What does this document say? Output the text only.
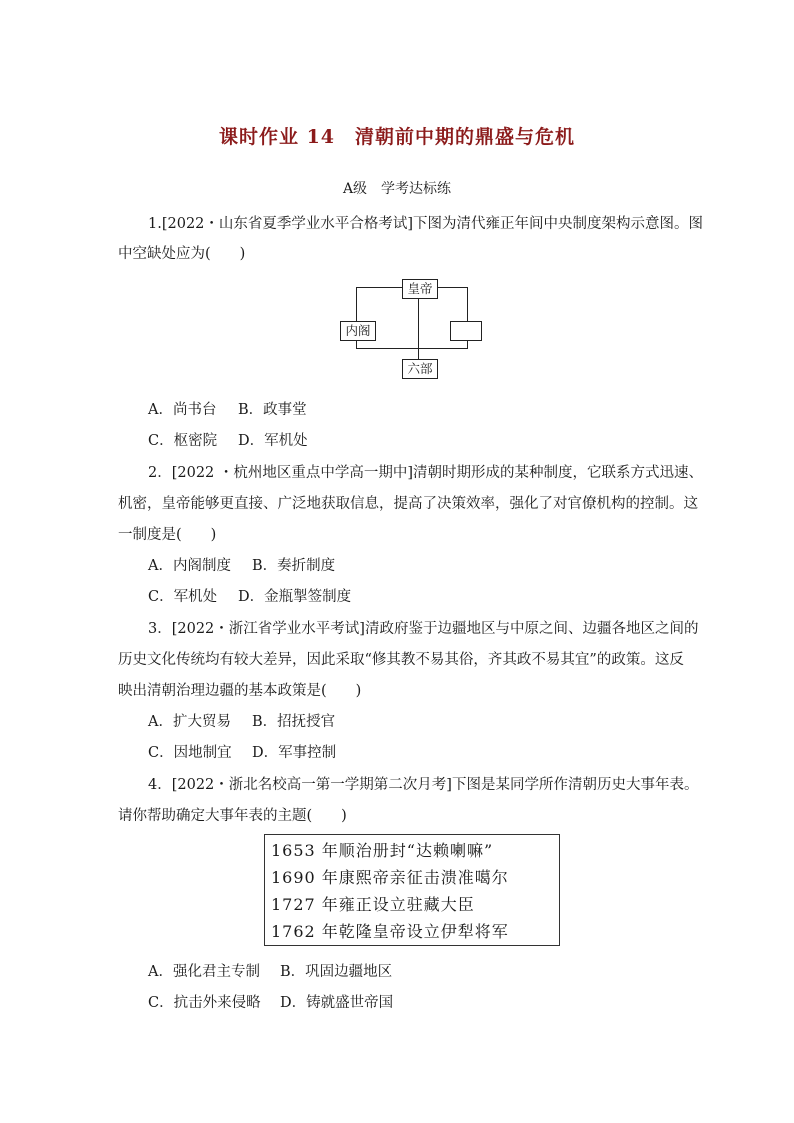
课时作业 14　清朝前中期的鼎盛与危机
A级　学考达标练
1.[2022・山东省夏季学业水平合格考试]下图为清代雍正年间中央制度架构示意图。图
中空缺处应为(　　)
皇帝
内阁
六部
A．尚书台 B．政事堂
C．枢密院 D．军机处
2．[2022 ・杭州地区重点中学高一期中]清朝时期形成的某种制度，它联系方式迅速、
机密，皇帝能够更直接、广泛地获取信息，提高了决策效率，强化了对官僚机构的控制。这
一制度是(　　)
A．内阁制度 B．奏折制度
C．军机处 D．金瓶掣签制度
3．[2022・浙江省学业水平考试]清政府鉴于边疆地区与中原之间、边疆各地区之间的
历史文化传统均有较大差异，因此采取“修其教不易其俗，齐其政不易其宜”的政策。这反
映出清朝治理边疆的基本政策是(　　)
A．扩大贸易 B．招抚授官
C．因地制宜 D．军事控制
4．[2022・浙北名校高一第一学期第二次月考]下图是某同学所作清朝历史大事年表。
请你帮助确定大事年表的主题(　　)
1653 年顺治册封“达赖喇嘛”
1690 年康熙帝亲征击溃准噶尔
1727 年雍正设立驻藏大臣
1762 年乾隆皇帝设立伊犁将军
A．强化君主专制 B．巩固边疆地区
C．抗击外来侵略 D．铸就盛世帝国
